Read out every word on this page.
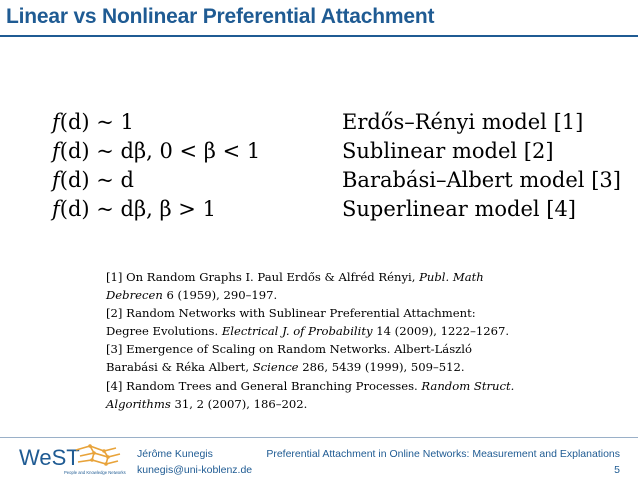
Linear vs Nonlinear Preferential Attachment
f(d) ~ 1	Erdős–Rényi model [1]
f(d) ~ dβ, 0 < β < 1	Sublinear model [2]
f(d) ~ d	Barabási–Albert model [3]
f(d) ~ dβ, β > 1	Superlinear model [4]
[1] On Random Graphs I. Paul Erdős & Alfréd Rényi, Publ. Math
Debrecen 6 (1959), 290–197.
[2] Random Networks with Sublinear Preferential Attachment:
Degree Evolutions. Electrical J. of Probability 14 (2009), 1222–1267.
[3] Emergence of Scaling on Random Networks. Albert-László
Barabási & Réka Albert, Science 286, 5439 (1999), 509–512.
[4] Random Trees and General Branching Processes. Random Struct.
Algorithms 31, 2 (2007), 186–202.
WeST
People and Knowledge Networks
Jérôme Kunegis
kunegis@uni-koblenz.de
Preferential Attachment in Online Networks: Measurement and Explanations
5
